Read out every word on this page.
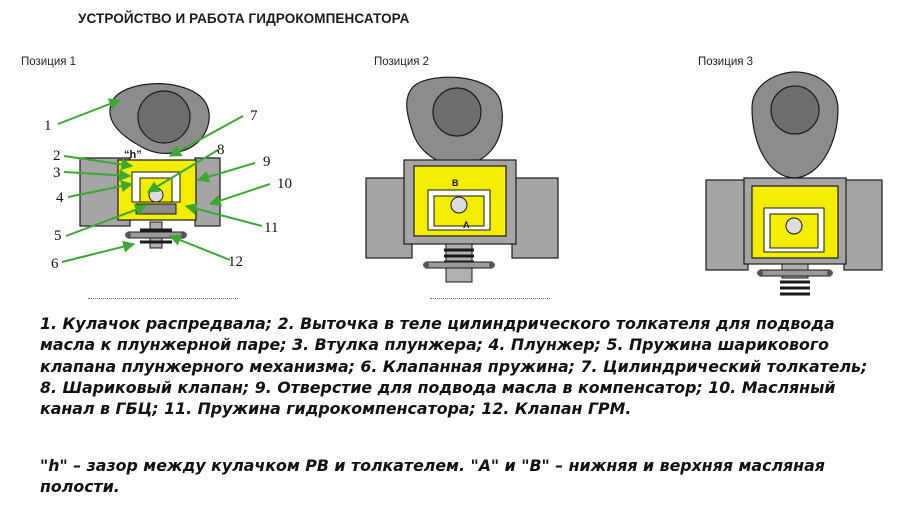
УСТРОЙСТВО И РАБОТА ГИДРОКОМПЕНСАТОРА
Позиция 1	Позиция 2	Позиция 3
“h”
1
2
3
4
5
6
7
8
9
10
11
12
В
А
1. Кулачок распредвала; 2. Выточка в теле цилиндрического толкателя для подвода масла к плунжерной паре; 3. Втулка плунжера; 4. Плунжер; 5. Пружина шарикового клапана плунжерного механизма; 6. Клапанная пружина; 7. Цилиндрический толкатель; 8. Шариковый клапан; 9. Отверстие для подвода масла в компенсатор; 10. Масляный канал в ГБЦ; 11. Пружина гидрокомпенсатора; 12. Клапан ГРМ.
"h" – зазор между кулачком РВ и толкателем. "А" и "В" – нижняя и верхняя масляная полости.
